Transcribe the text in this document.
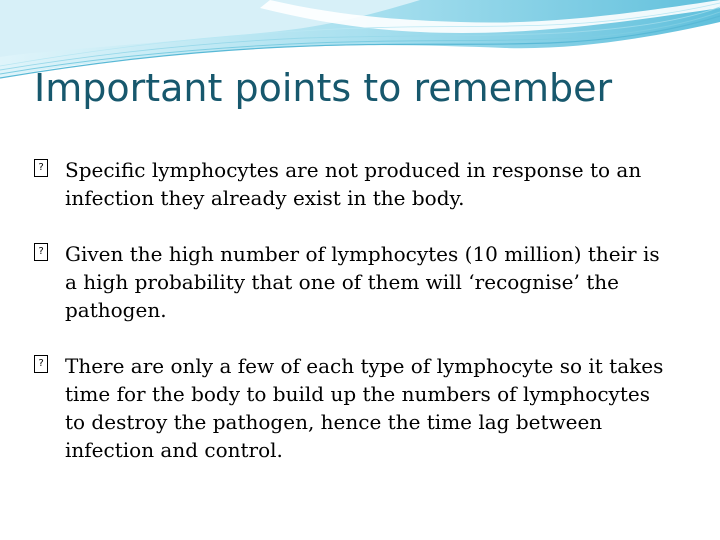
Important points to remember
? Specific lymphocytes are not produced in response to an infection they already exist in the body.
? Given the high number of lymphocytes (10 million) their is a high probability that one of them will ‘recognise’ the pathogen.
? There are only a few of each type of lymphocyte so it takes time for the body to build up the numbers of lymphocytes to destroy the pathogen, hence the time lag between infection and control.
